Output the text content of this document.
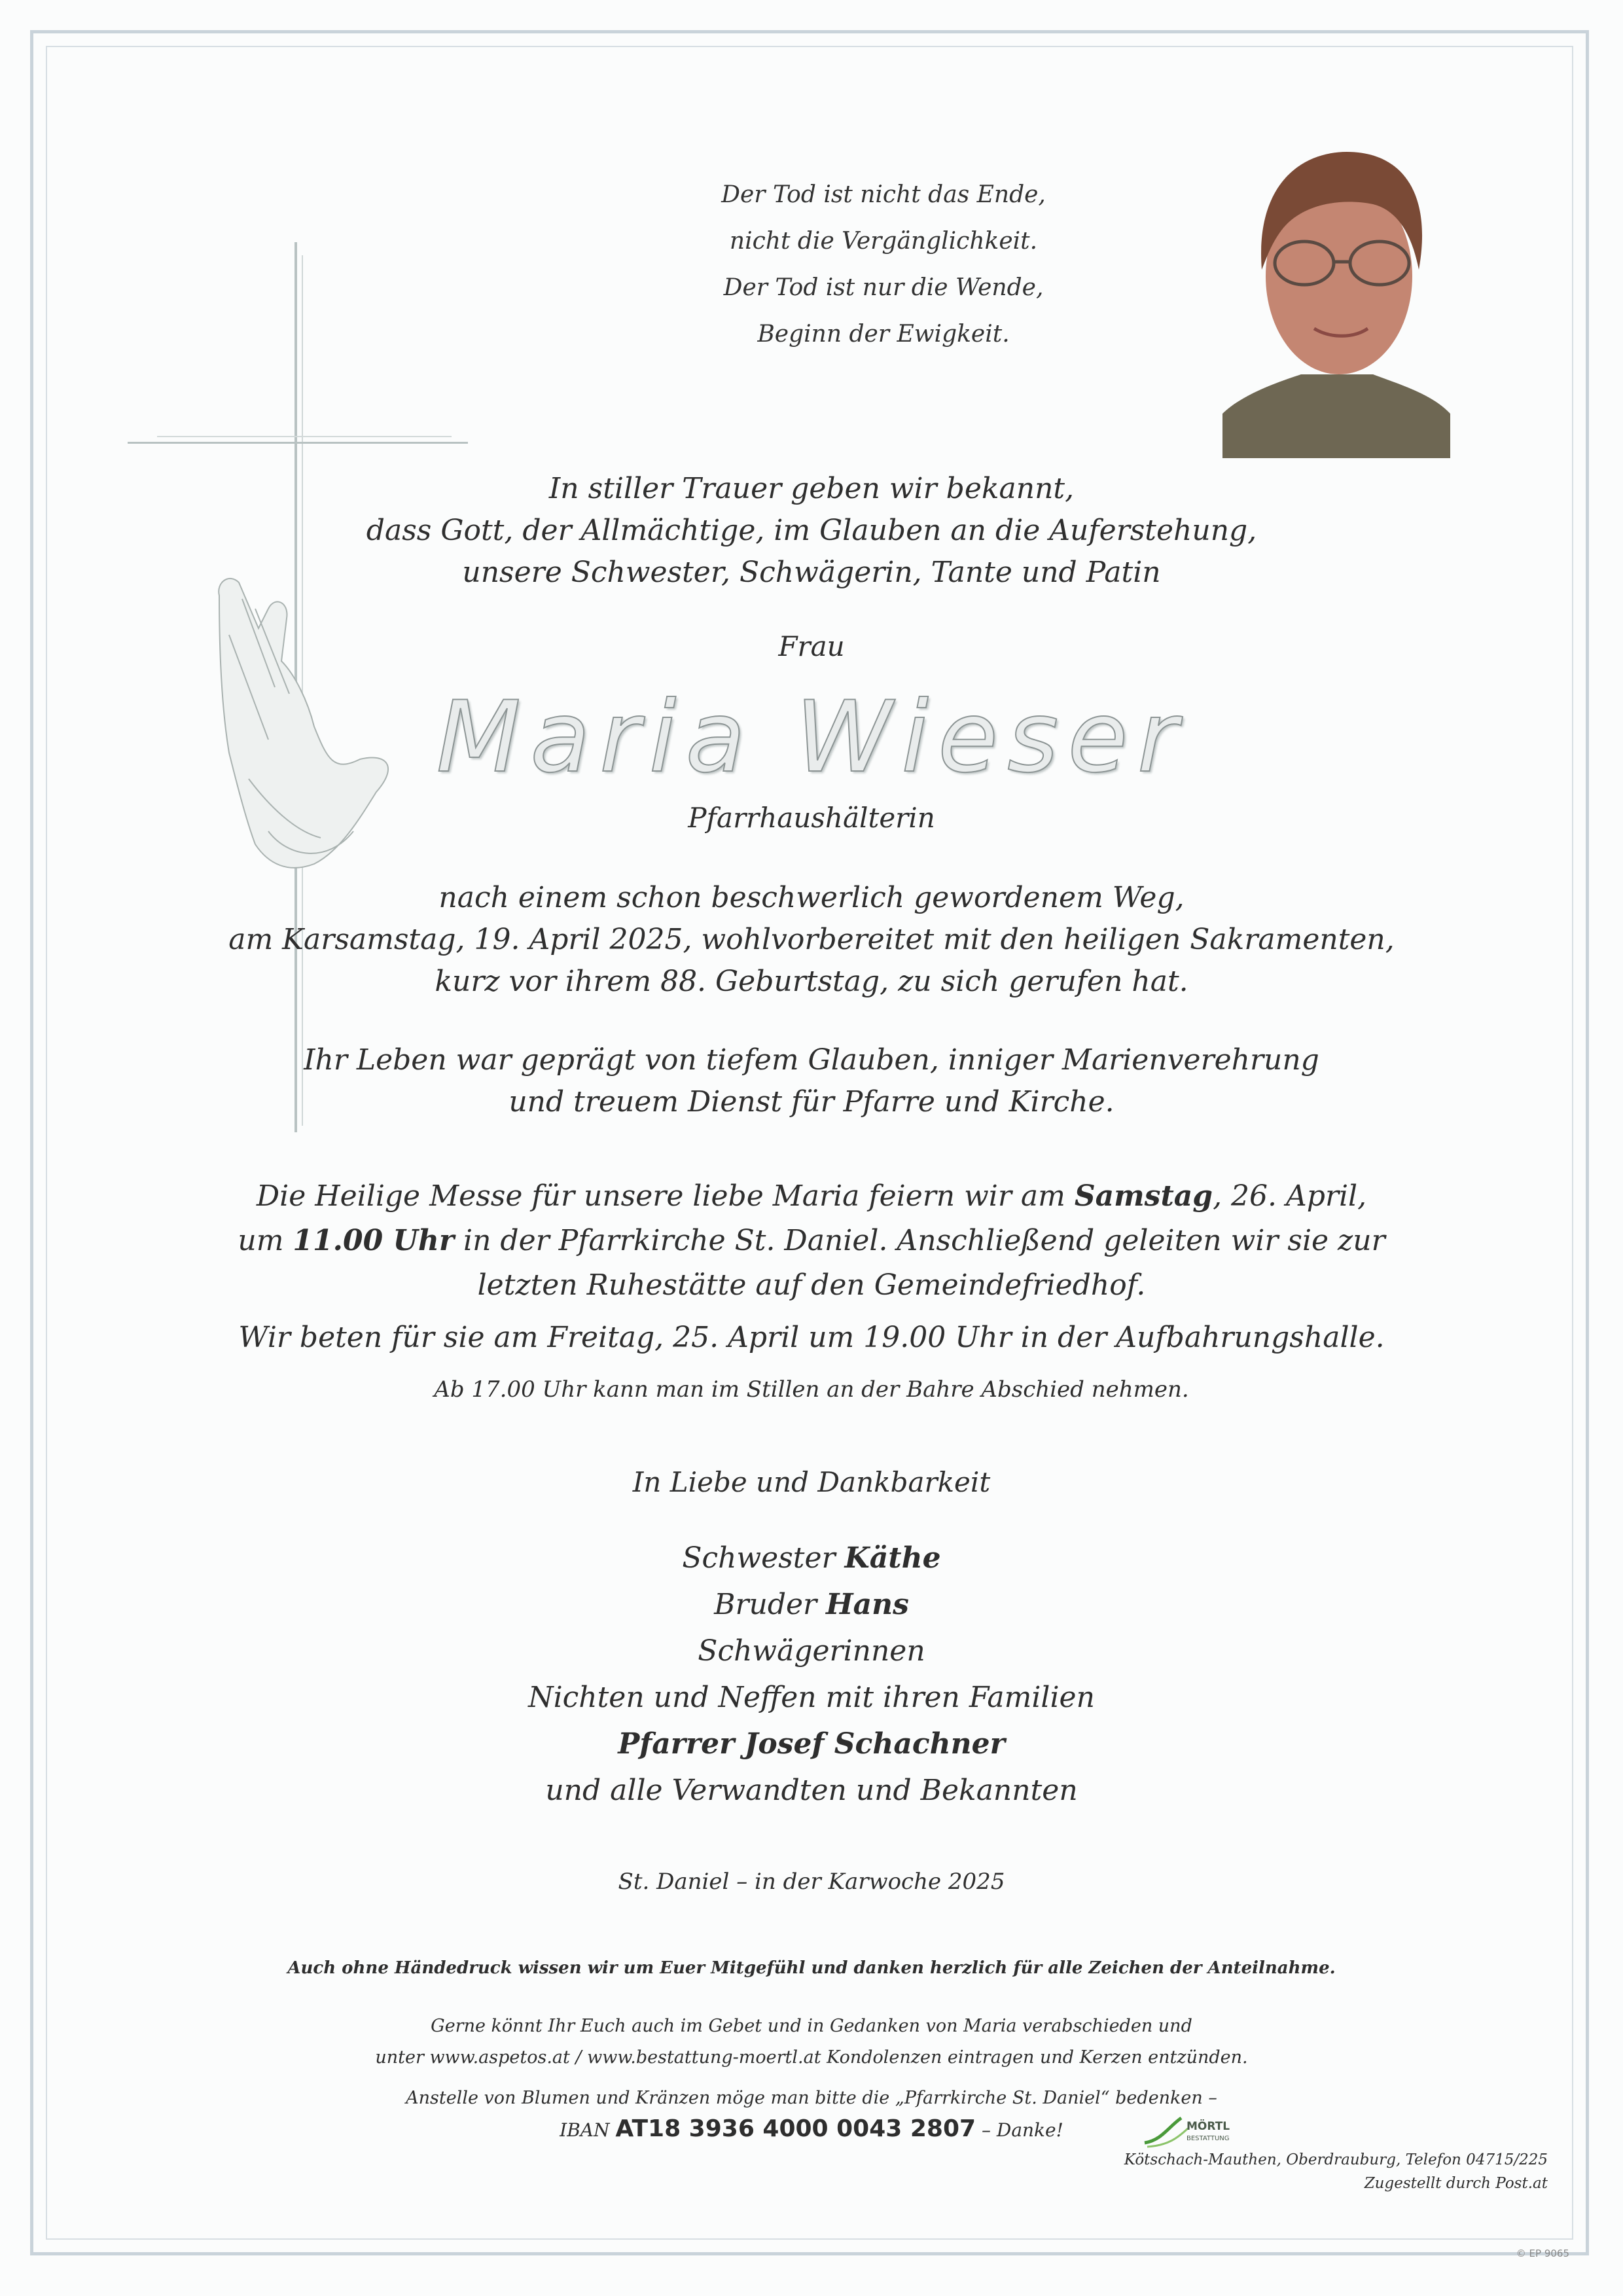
Der Tod ist nicht das Ende,
nicht die Vergänglichkeit.
Der Tod ist nur die Wende,
Beginn der Ewigkeit.
In stiller Trauer geben wir bekannt,
dass Gott, der Allmächtige, im Glauben an die Auferstehung,
unsere Schwester, Schwägerin, Tante und Patin
Frau
Maria Wieser
Pfarrhaushälterin
nach einem schon beschwerlich gewordenem Weg,
am Karsamstag, 19. April 2025, wohlvorbereitet mit den heiligen Sakramenten,
kurz vor ihrem 88. Geburtstag, zu sich gerufen hat.
Ihr Leben war geprägt von tiefem Glauben, inniger Marienverehrung
und treuem Dienst für Pfarre und Kirche.
Die Heilige Messe für unsere liebe Maria feiern wir am Samstag, 26. April,
um 11.00 Uhr in der Pfarrkirche St. Daniel. Anschließend geleiten wir sie zur
letzten Ruhestätte auf den Gemeindefriedhof.
Wir beten für sie am Freitag, 25. April um 19.00 Uhr in der Aufbahrungshalle.
Ab 17.00 Uhr kann man im Stillen an der Bahre Abschied nehmen.
In Liebe und Dankbarkeit
Schwester Käthe
Bruder Hans
Schwägerinnen
Nichten und Neffen mit ihren Familien
Pfarrer Josef Schachner
und alle Verwandten und Bekannten
St. Daniel – in der Karwoche 2025
Auch ohne Händedruck wissen wir um Euer Mitgefühl und danken herzlich für alle Zeichen der Anteilnahme.
Gerne könnt Ihr Euch auch im Gebet und in Gedanken von Maria verabschieden und
unter www.aspetos.at / www.bestattung-moertl.at Kondolenzen eintragen und Kerzen entzünden.
Anstelle von Blumen und Kränzen möge man bitte die „Pfarrkirche St. Daniel“ bedenken –
IBAN AT18 3936 4000 0043 2807 – Danke!	MÖRTL
BESTATTUNG
Kötschach-Mauthen, Oberdrauburg, Telefon 04715/225
Zugestellt durch Post.at
© EP 9065
